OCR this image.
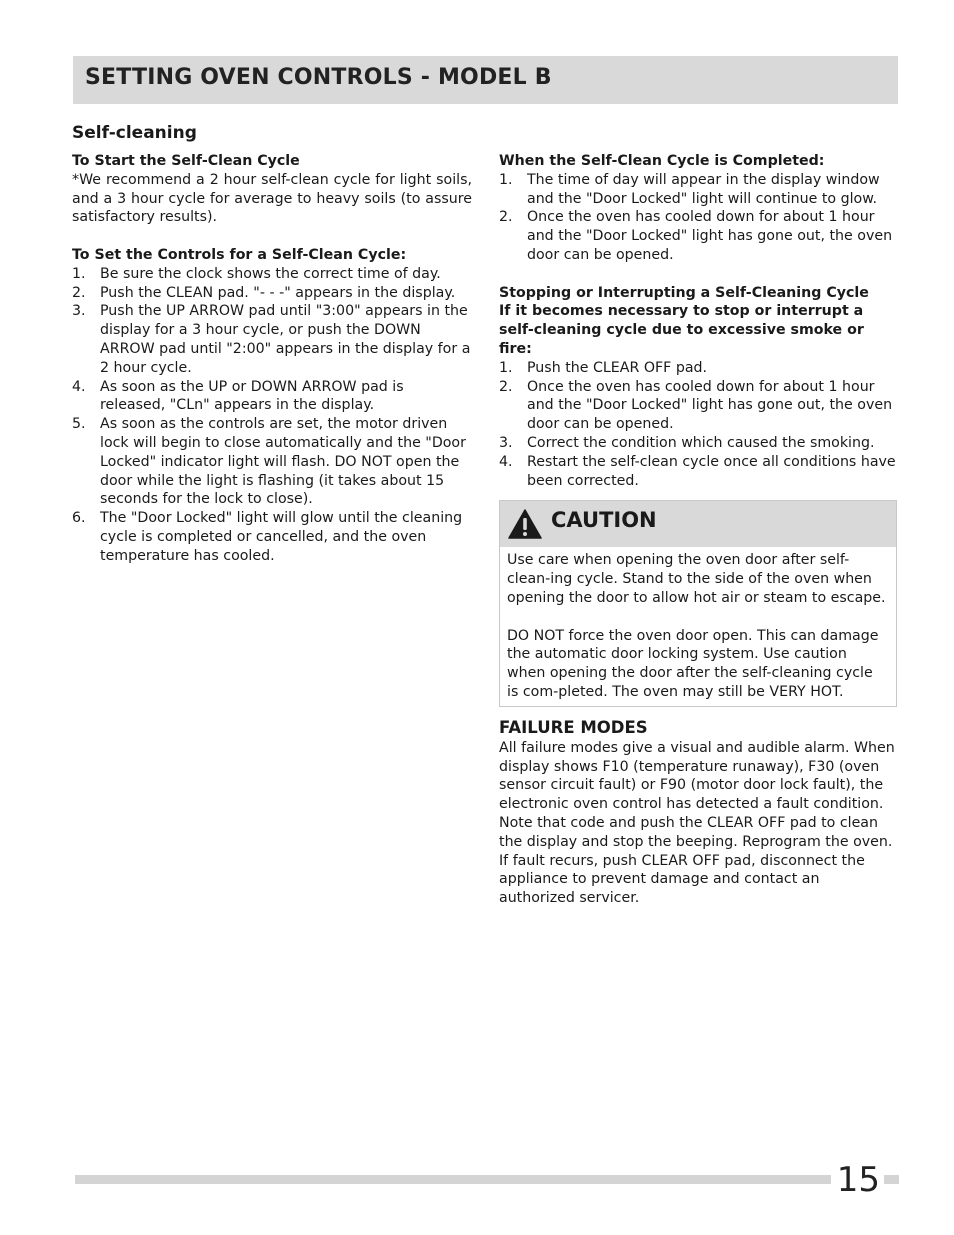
SETTING OVEN CONTROLS - MODEL B
Self-cleaning
To Start the Self-Clean Cycle
*We recommend a 2 hour self-clean cycle for light soils, and a 3 hour cycle for average to heavy soils (to assure satisfactory results).
To Set the Controls for a Self-Clean Cycle:
1. Be sure the clock shows the correct time of day.
2. Push the CLEAN pad. "- - -" appears in the display.
3. Push the UP ARROW pad until "3:00" appears in the display for a 3 hour cycle, or push the DOWN ARROW pad until "2:00" appears in the display for a 2 hour cycle.
4. As soon as the UP or DOWN ARROW pad is released, "CLn" appears in the display.
5. As soon as the controls are set, the motor driven lock will begin to close automatically and the "Door Locked" indicator light will flash. DO NOT open the door while the light is flashing (it takes about 15 seconds for the lock to close).
6. The "Door Locked" light will glow until the cleaning cycle is completed or cancelled, and the oven temperature has cooled.
When the Self-Clean Cycle is Completed:
1. The time of day will appear in the display window and the "Door Locked" light will continue to glow.
2. Once the oven has cooled down for about 1 hour and the "Door Locked" light has gone out, the oven door can be opened.
Stopping or Interrupting a Self-Cleaning Cycle
If it becomes necessary to stop or interrupt a self-cleaning cycle due to excessive smoke or fire:
1. Push the CLEAR OFF pad.
2. Once the oven has cooled down for about 1 hour and the "Door Locked" light has gone out, the oven door can be opened.
3. Correct the condition which caused the smoking.
4. Restart the self-clean cycle once all conditions have been corrected.
CAUTION
Use care when opening the oven door after self-clean-ing cycle. Stand to the side of the oven when opening the door to allow hot air or steam to escape.
DO NOT force the oven door open. This can damage the automatic door locking system. Use caution when opening the door after the self-cleaning cycle is com-pleted. The oven may still be VERY HOT.
FAILURE MODES
All failure modes give a visual and audible alarm. When display shows F10 (temperature runaway), F30 (oven sensor circuit fault) or F90 (motor door lock fault), the electronic oven control has detected a fault condition. Note that code and push the CLEAR OFF pad to clean the display and stop the beeping. Reprogram the oven. If fault recurs, push CLEAR OFF pad, disconnect the appliance to prevent damage and contact an authorized servicer.
15
